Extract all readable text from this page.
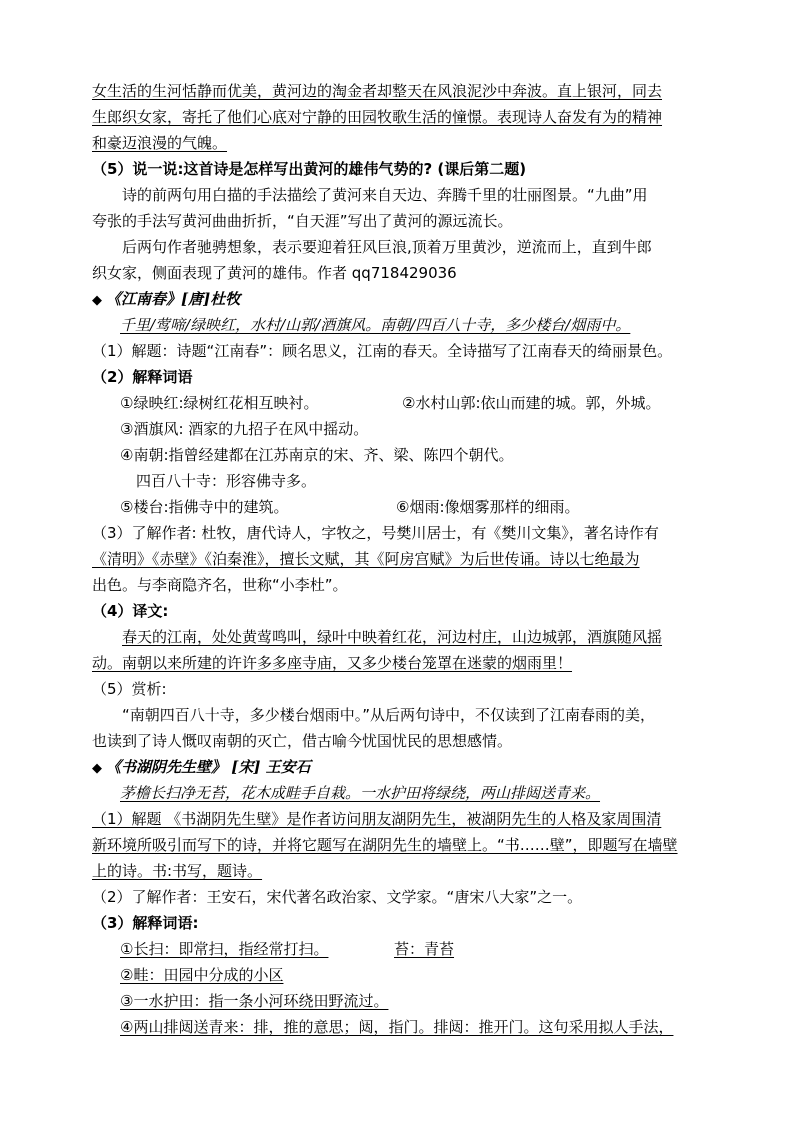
女生活的生河恬静而优美，黄河边的淘金者却整天在风浪泥沙中奔波。直上银河，同去
生郎织女家，寄托了他们心底对宁静的田园牧歌生活的憧憬。表现诗人奋发有为的精神
和豪迈浪漫的气魄。
（5）说一说:这首诗是怎样写出黄河的雄伟气势的? (课后第二题)
诗的前两句用白描的手法描绘了黄河来自天边、奔腾千里的壮丽图景。“九曲”用
夸张的手法写黄河曲曲折折，“自天涯”写出了黄河的源远流长。
后两句作者驰骋想象，表示要迎着狂风巨浪,顶着万里黄沙，逆流而上，直到牛郎
织女家，侧面表现了黄河的雄伟。作者 qq718429036
◆ 《江南春》[唐]杜牧
千里/莺啼/绿映红，水村/山郭/酒旗风。南朝/四百八十寺，多少楼台/烟雨中。
（1）解题：诗题“江南春”：顾名思义，江南的春天。全诗描写了江南春天的绮丽景色。
（2）解释词语
①绿映红:绿树红花相互映衬。	②水村山郭:依山而建的城。郭，外城。
③酒旗风: 酒家的九招子在风中摇动。
④南朝:指曾经建都在江苏南京的宋、齐、梁、陈四个朝代。
四百八十寺：形容佛寺多。
⑤楼台:指佛寺中的建筑。	⑥烟雨:像烟雾那样的细雨。
（3）了解作者: 杜牧，唐代诗人，字牧之，号樊川居士，有《樊川文集》，著名诗作有
《清明》《赤壁》《泊秦淮》，擅长文赋，其《阿房宫赋》为后世传诵。诗以七绝最为
出色。与李商隐齐名，世称“小李杜”。
（4）译文:
春天的江南，处处黄莺鸣叫，绿叶中映着红花，河边村庄，山边城郭，酒旗随风摇
动。南朝以来所建的许许多多座寺庙，又多少楼台笼罩在迷蒙的烟雨里！
（5）赏析:
“南朝四百八十寺，多少楼台烟雨中。”从后两句诗中，不仅读到了江南春雨的美，
也读到了诗人慨叹南朝的灭亡，借古喻今忧国忧民的思想感情。
◆ 《书湖阴先生壁》 [宋] 王安石
茅檐长扫净无苔，花木成畦手自栽。一水护田将绿绕，两山排闼送青来。
（1）解题 《书湖阴先生壁》是作者访问朋友湖阴先生，被湖阴先生的人格及家周围清
新环境所吸引而写下的诗，并将它题写在湖阴先生的墙壁上。“书……壁”，即题写在墙壁
上的诗。书:书写，题诗。
（2）了解作者：王安石，宋代著名政治家、文学家。“唐宋八大家”之一。
（3）解释词语:
①长扫：即常扫，指经常打扫。	苔：青苔
②畦：田园中分成的小区
③一水护田：指一条小河环绕田野流过。
④两山排闼送青来：排，推的意思；闼，指门。排闼：推开门。这句采用拟人手法，
